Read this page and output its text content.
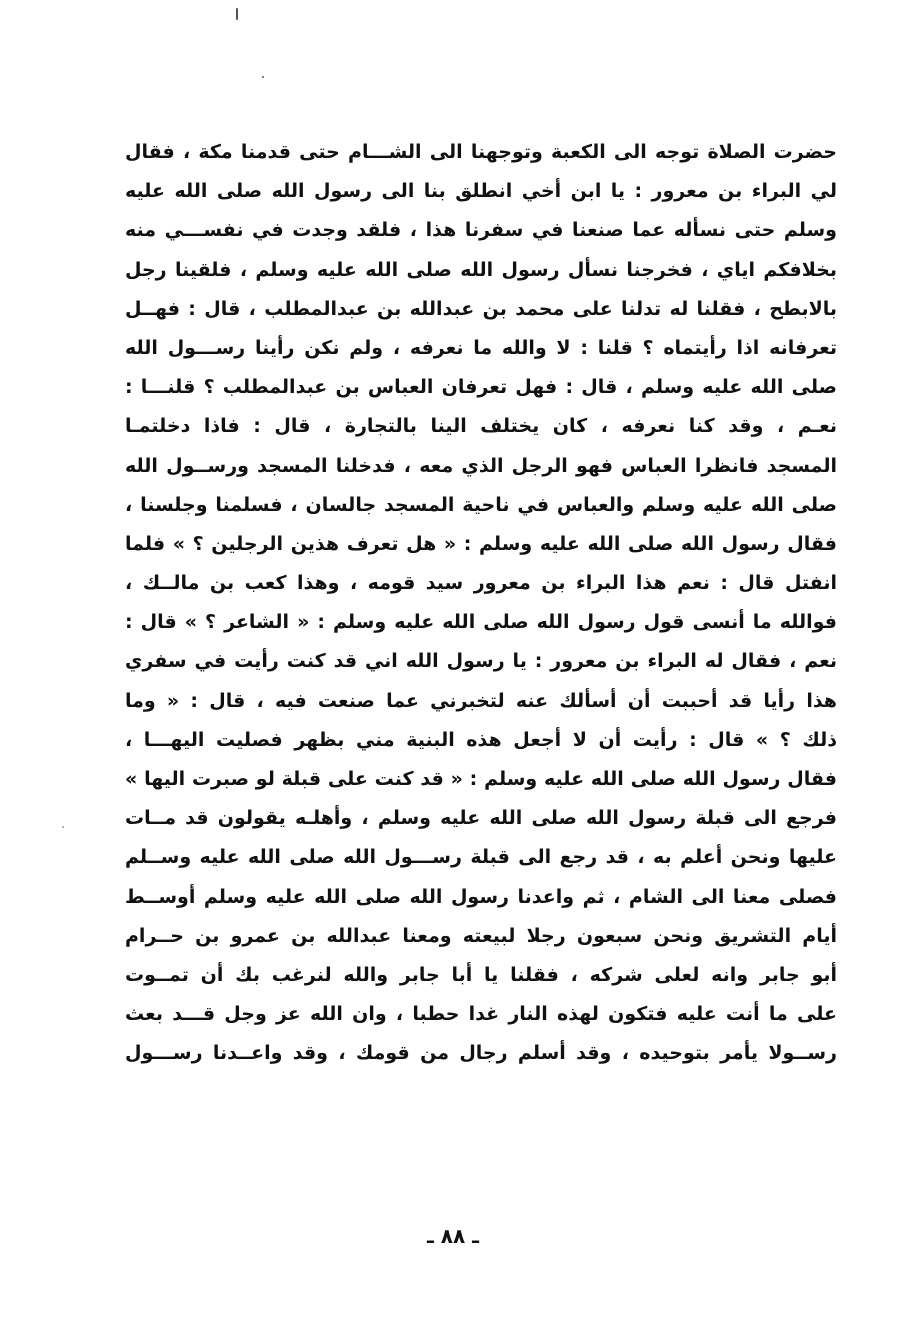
حضرت الصلاة توجه الى الكعبة وتوجهنا الى الشـــام حتى قدمنا مكة ، فقال
لي البراء بن معرور : يا ابن أخي انطلق بنا الى رسول الله صلى الله عليه
وسلم حتى نسأله عما صنعنا في سفرنا هذا ، فلقد وجدت في نفســـي منه
بخلافكم اياي ، فخرجنا نسأل رسول الله صلى الله عليه وسلم ، فلقينا رجل
بالابطح ، فقلنا له تدلنا على محمد بن عبدالله بن عبدالمطلب ، قال : فهــل
تعرفانه اذا رأيتماه ؟ قلنا : لا والله ما نعرفه ، ولم نكن رأينا رســـول الله
صلى الله عليه وسلم ، قال : فهل تعرفان العباس بن عبدالمطلب ؟ قلنـــا :
نعـم ، وقد كنا نعرفه ، كان يختلف الينا بالتجارة ، قال : فاذا دخلتمـا
المسجد فانظرا العباس فهو الرجل الذي معه ، فدخلنا المسجد ورســول الله
صلى الله عليه وسلم والعباس في ناحية المسجد جالسان ، فسلمنا وجلسنا ،
فقال رسول الله صلى الله عليه وسلم : « هل تعرف هذين الرجلين ؟ » فلما
انفتل قال : نعم هذا البراء بن معرور سيد قومه ، وهذا كعب بن مالــك ،
فوالله ما أنسى قول رسول الله صلى الله عليه وسلم : « الشاعر ؟ » قال :
نعم ، فقال له البراء بن معرور : يا رسول الله اني قد كنت رأيت في سفري
هذا رأيا قد أحببت أن أسألك عنه لتخبرني عما صنعت فيه ، قال : « وما
ذلك ؟ » قال : رأيت أن لا أجعل هذه البنية مني بظهر فصليت اليهـــا ،
فقال رسول الله صلى الله عليه وسلم : « قد كنت على قبلة لو صبرت اليها »
فرجع الى قبلة رسول الله صلى الله عليه وسلم ، وأهلـه يقولون قد مــات
عليها ونحن أعلم به ، قد رجع الى قبلة رســـول الله صلى الله عليه وســلم
فصلى معنا الى الشام ، ثم واعدنا رسول الله صلى الله عليه وسلم أوســط
أيام التشريق ونحن سبعون رجلا لبيعته ومعنا عبدالله بن عمرو بن حــرام
أبو جابر وانه لعلى شركه ، فقلنا يا أبا جابر والله لنرغب بك أن تمــوت
على ما أنت عليه فتكون لهذه النار غدا حطبا ، وان الله عز وجل قـــد بعث
رســولا يأمر بتوحيده ، وقد أسلم رجال من قومك ، وقد واعــدنا رســـول
ـ ٨٨ ـ
